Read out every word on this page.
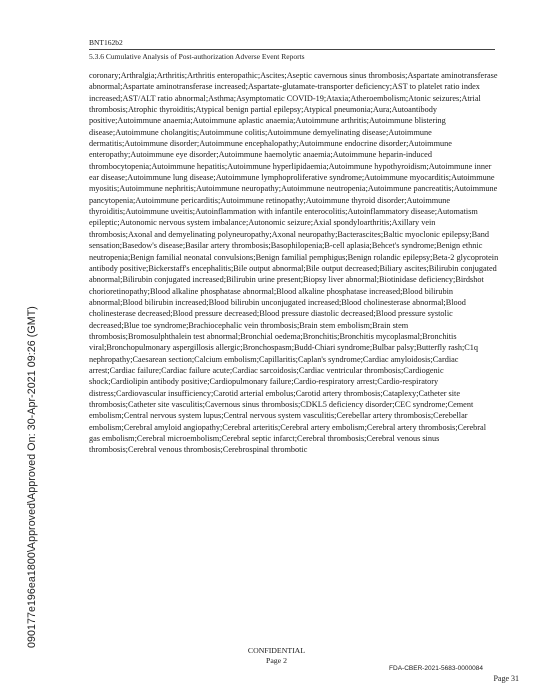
090177e196ea1800\Approved\Approved On: 30-Apr-2021 09:26 (GMT)
BNT162b2
5.3.6 Cumulative Analysis of Post-authorization Adverse Event Reports
coronary;Arthralgia;Arthritis;Arthritis enteropathic;Ascites;Aseptic cavernous sinus thrombosis;Aspartate aminotransferase abnormal;Aspartate aminotransferase increased;Aspartate-glutamate-transporter deficiency;AST to platelet ratio index increased;AST/ALT ratio abnormal;Asthma;Asymptomatic COVID-19;Ataxia;Atheroembolism;Atonic seizures;Atrial thrombosis;Atrophic thyroiditis;Atypical benign partial epilepsy;Atypical pneumonia;Aura;Autoantibody positive;Autoimmune anaemia;Autoimmune aplastic anaemia;Autoimmune arthritis;Autoimmune blistering disease;Autoimmune cholangitis;Autoimmune colitis;Autoimmune demyelinating disease;Autoimmune dermatitis;Autoimmune disorder;Autoimmune encephalopathy;Autoimmune endocrine disorder;Autoimmune enteropathy;Autoimmune eye disorder;Autoimmune haemolytic anaemia;Autoimmune heparin-induced thrombocytopenia;Autoimmune hepatitis;Autoimmune hyperlipidaemia;Autoimmune hypothyroidism;Autoimmune inner ear disease;Autoimmune lung disease;Autoimmune lymphoproliferative syndrome;Autoimmune myocarditis;Autoimmune myositis;Autoimmune nephritis;Autoimmune neuropathy;Autoimmune neutropenia;Autoimmune pancreatitis;Autoimmune pancytopenia;Autoimmune pericarditis;Autoimmune retinopathy;Autoimmune thyroid disorder;Autoimmune thyroiditis;Autoimmune uveitis;Autoinflammation with infantile enterocolitis;Autoinflammatory disease;Automatism epileptic;Autonomic nervous system imbalance;Autonomic seizure;Axial spondyloarthritis;Axillary vein thrombosis;Axonal and demyelinating polyneuropathy;Axonal neuropathy;Bacterascites;Baltic myoclonic epilepsy;Band sensation;Basedow's disease;Basilar artery thrombosis;Basophilopenia;B-cell aplasia;Behcet's syndrome;Benign ethnic neutropenia;Benign familial neonatal convulsions;Benign familial pemphigus;Benign rolandic epilepsy;Beta-2 glycoprotein antibody positive;Bickerstaff's encephalitis;Bile output abnormal;Bile output decreased;Biliary ascites;Bilirubin conjugated abnormal;Bilirubin conjugated increased;Bilirubin urine present;Biopsy liver abnormal;Biotinidase deficiency;Birdshot chorioretinopathy;Blood alkaline phosphatase abnormal;Blood alkaline phosphatase increased;Blood bilirubin abnormal;Blood bilirubin increased;Blood bilirubin unconjugated increased;Blood cholinesterase abnormal;Blood cholinesterase decreased;Blood pressure decreased;Blood pressure diastolic decreased;Blood pressure systolic decreased;Blue toe syndrome;Brachiocephalic vein thrombosis;Brain stem embolism;Brain stem thrombosis;Bromosulphthalein test abnormal;Bronchial oedema;Bronchitis;Bronchitis mycoplasmal;Bronchitis viral;Bronchopulmonary aspergillosis allergic;Bronchospasm;Budd-Chiari syndrome;Bulbar palsy;Butterfly rash;C1q nephropathy;Caesarean section;Calcium embolism;Capillaritis;Caplan's syndrome;Cardiac amyloidosis;Cardiac arrest;Cardiac failure;Cardiac failure acute;Cardiac sarcoidosis;Cardiac ventricular thrombosis;Cardiogenic shock;Cardiolipin antibody positive;Cardiopulmonary failure;Cardio-respiratory arrest;Cardio-respiratory distress;Cardiovascular insufficiency;Carotid arterial embolus;Carotid artery thrombosis;Cataplexy;Catheter site thrombosis;Catheter site vasculitis;Cavernous sinus thrombosis;CDKL5 deficiency disorder;CEC syndrome;Cement embolism;Central nervous system lupus;Central nervous system vasculitis;Cerebellar artery thrombosis;Cerebellar embolism;Cerebral amyloid angiopathy;Cerebral arteritis;Cerebral artery embolism;Cerebral artery thrombosis;Cerebral gas embolism;Cerebral microembolism;Cerebral septic infarct;Cerebral thrombosis;Cerebral venous sinus thrombosis;Cerebral venous thrombosis;Cerebrospinal thrombotic
CONFIDENTIAL
Page 2
FDA-CBER-2021-5683-0000084
Page 31
